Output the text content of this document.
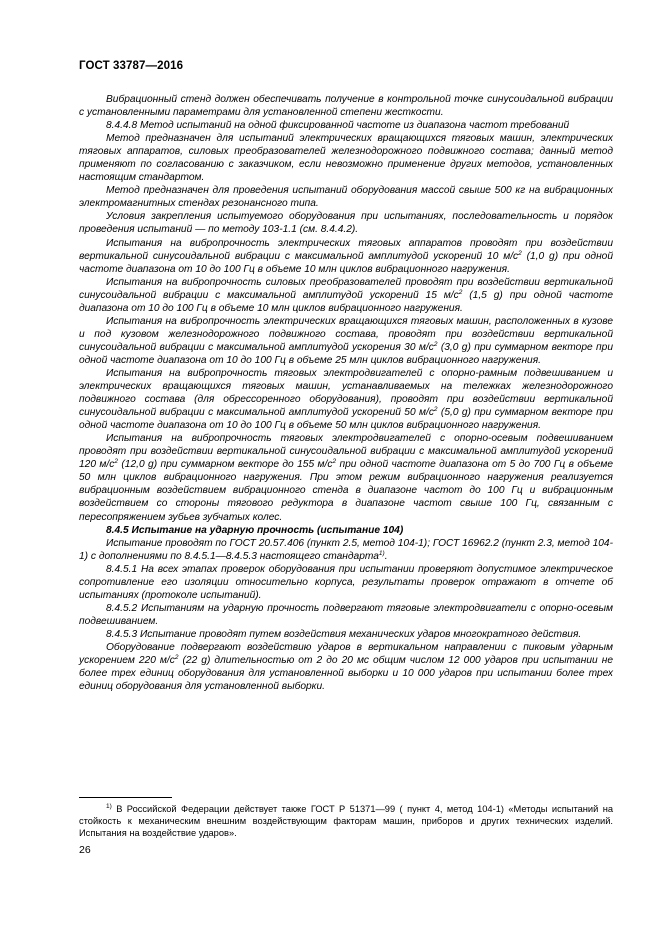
ГОСТ 33787—2016

Вибрационный стенд должен обеспечивать получение в контрольной точке синусоидальной вибрации с установленными параметрами для установленной степени жесткости.

8.4.4.8 Метод испытаний на одной фиксированной частоте из диапазона частот требований

Метод предназначен для испытаний электрических вращающихся тяговых машин, электрических тяговых аппаратов, силовых преобразователей железнодорожного подвижного состава; данный метод применяют по согласованию с заказчиком, если невозможно применение других методов, установленных настоящим стандартом.

Метод предназначен для проведения испытаний оборудования массой свыше 500 кг на вибрационных электромагнитных стендах резонансного типа.

Условия закрепления испытуемого оборудования при испытаниях, последовательность и порядок проведения испытаний — по методу 103-1.1 (см. 8.4.4.2).

Испытания на вибропрочность электрических тяговых аппаратов проводят при воздействии вертикальной синусоидальной вибрации с максимальной амплитудой ускорений 10 $м/с^2$ (1,0 g) при одной частоте диапазона от 10 до 100 Гц в объеме 10 млн циклов вибрационного нагружения.

Испытания на вибропрочность силовых преобразователей проводят при воздействии вертикальной синусоидальной вибрации с максимальной амплитудой ускорений 15 $м/с^2$ (1,5 g) при одной частоте диапазона от 10 до 100 Гц в объеме 10 млн циклов вибрационного нагружения.

Испытания на вибропрочность электрических вращающихся тяговых машин, расположенных в кузове и под кузовом железнодорожного подвижного состава, проводят при воздействии вертикальной синусоидальной вибрации с максимальной амплитудой ускорения 30 $м/с^2$ (3,0 g) при суммарном векторе при одной частоте диапазона от 10 до 100 Гц в объеме 25 млн циклов вибрационного нагружения.

Испытания на вибропрочность тяговых электродвигателей с опорно-рамным подвешиванием и электрических вращающихся тяговых машин, устанавливаемых на тележках железнодорожного подвижного состава (для обрессоренного оборудования), проводят при воздействии вертикальной синусоидальной вибрации с максимальной амплитудой ускорений 50 $м/с^2$ (5,0 g) при суммарном векторе при одной частоте диапазона от 10 до 100 Гц в объеме 50 млн циклов вибрационного нагружения.

Испытания на вибропрочность тяговых электродвигателей с опорно-осевым подвешиванием проводят при воздействии вертикальной синусоидальной вибрации с максимальной амплитудой ускорений 120 $м/с^2$ (12,0 g) при суммарном векторе до 155 $м/с^2$ при одной частоте диапазона от 5 до 700 Гц в объеме 50 млн циклов вибрационного нагружения. При этом режим вибрационного нагружения реализуется вибрационным воздействием вибрационного стенда в диапазоне частот до 100 Гц и вибрационным воздействием со стороны тягового редуктора в диапазоне частот свыше 100 Гц, связанным с пересопряжением зубьев зубчатых колес.

8.4.5 Испытание на ударную прочность (испытание 104)

Испытание проводят по ГОСТ 20.57.406 (пункт 2.5, метод 104-1); ГОСТ 16962.2 (пункт 2.3, метод 104-1) с дополнениями по 8.4.5.1—8.4.5.3 настоящего стандарта$^{1)}$.

8.4.5.1 На всех этапах проверок оборудования при испытании проверяют допустимое электрическое сопротивление его изоляции относительно корпуса, результаты проверок отражают в отчете об испытаниях (протоколе испытаний).

8.4.5.2 Испытаниям на ударную прочность подвергают тяговые электродвигатели с опорно-осевым подвешиванием.

8.4.5.3 Испытание проводят путем воздействия механических ударов многократного действия.

Оборудование подвергают воздействию ударов в вертикальном направлении с пиковым ударным ускорением 220 $м/с^2$ (22 g) длительностью от 2 до 20 мс общим числом 12 000 ударов при испытании не более трех единиц оборудования для установленной выборки и 10 000 ударов при испытании более трех единиц оборудования для установленной выборки.

$^{1)}$ В Российской Федерации действует также ГОСТ Р 51371—99 ( пункт 4, метод 104-1) «Методы испытаний на стойкость к механическим внешним воздействующим факторам машин, приборов и других технических изделий. Испытания на воздействие ударов».

26
